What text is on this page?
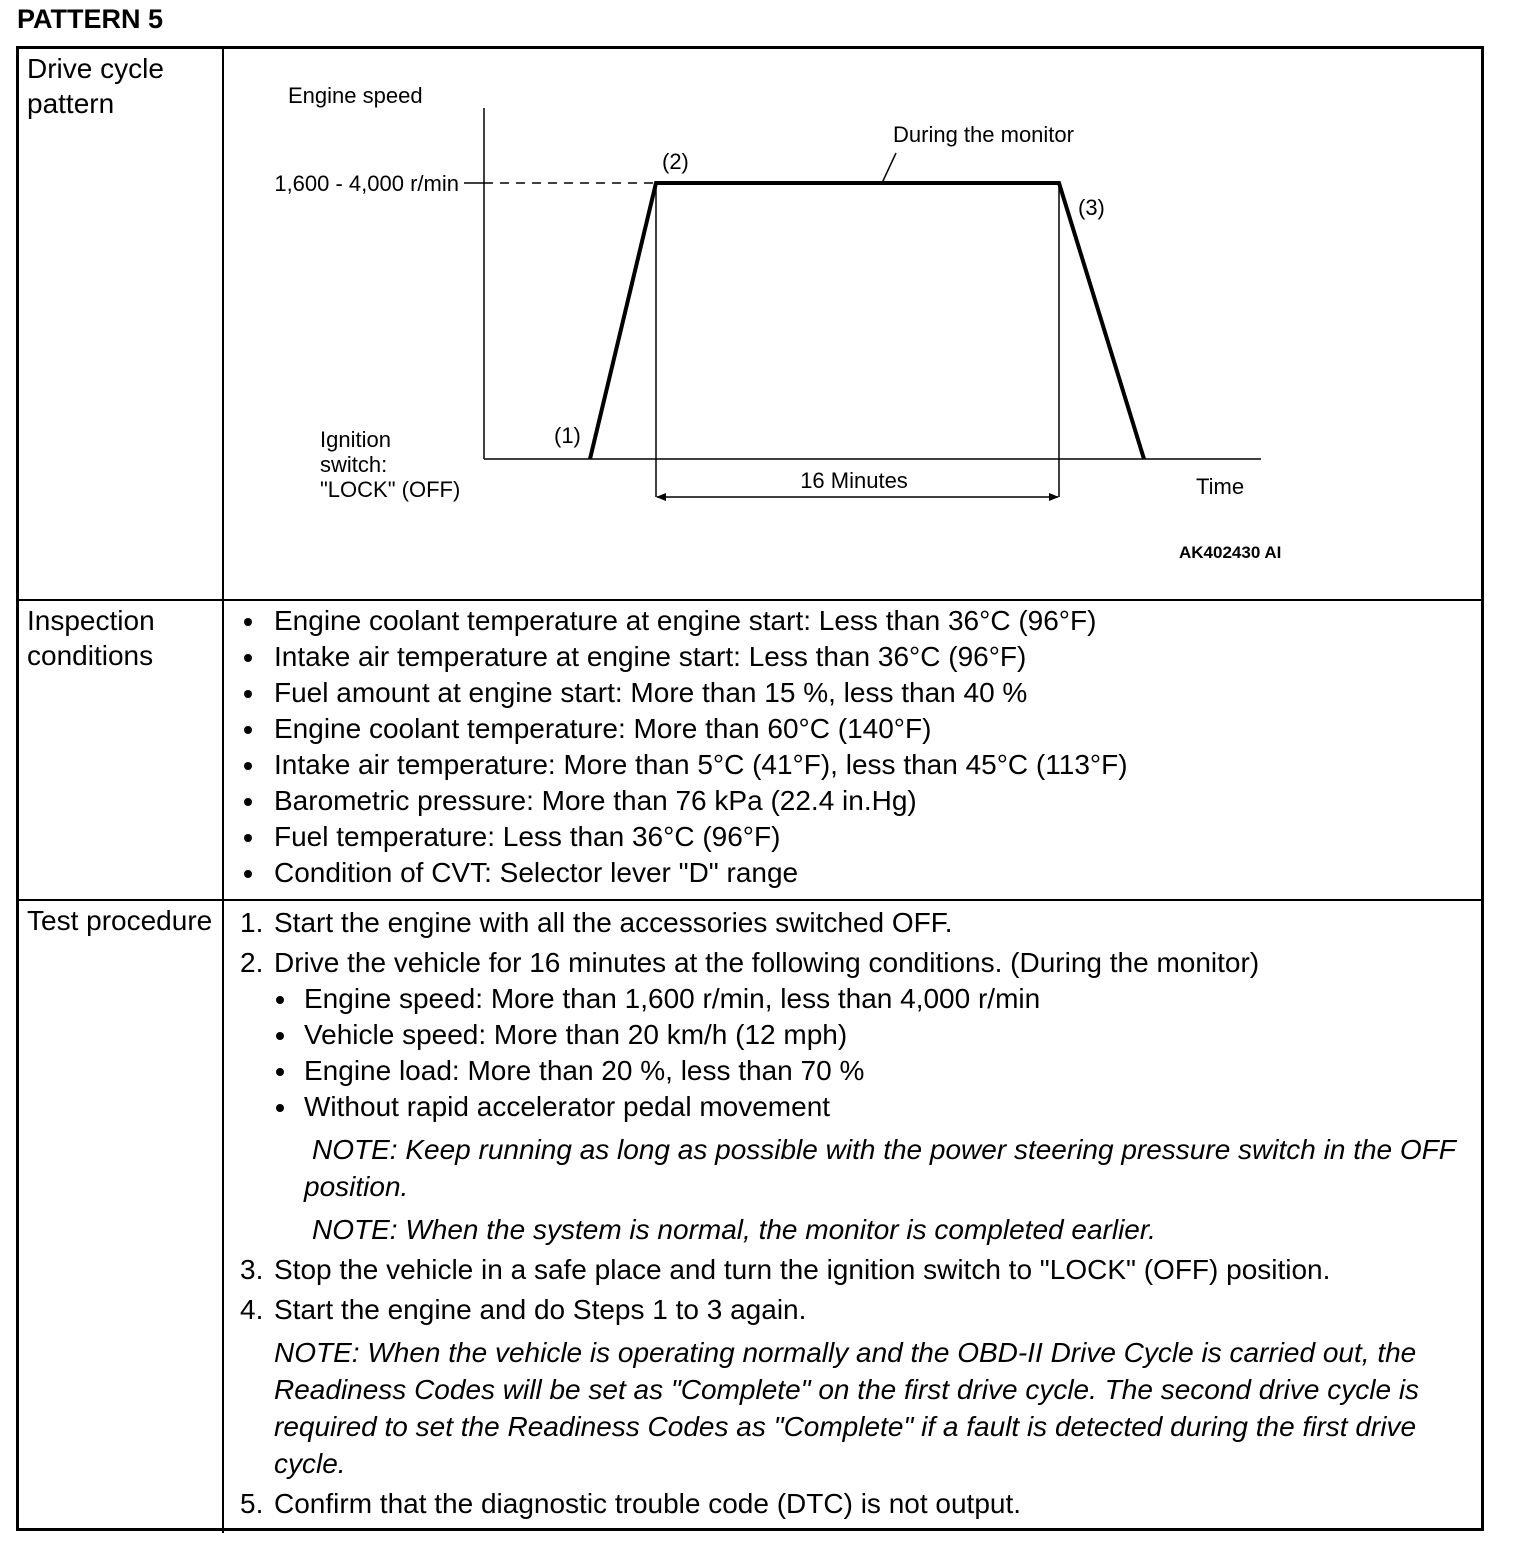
PATTERN 5

Drive cycle pattern	Engine speed
1,600 - 4,000 r/min
Ignition
switch:
"LOCK" (OFF)
(1)
(2)
(3)
During the monitor
16 Minutes	Time
AK402430 AI

Inspection conditions

Engine coolant temperature at engine start: Less than 36°C (96°F)
Intake air temperature at engine start: Less than 36°C (96°F)
Fuel amount at engine start: More than 15 %, less than 40 %
Engine coolant temperature: More than 60°C (140°F)
Intake air temperature: More than 5°C (41°F), less than 45°C (113°F)
Barometric pressure: More than 76 kPa (22.4 in.Hg)
Fuel temperature: Less than 36°C (96°F)
Condition of CVT: Selector lever "D" range

Test procedure 1. Start the engine with all the accessories switched OFF.
2. Drive the vehicle for 16 minutes at the following conditions. (During the monitor)
Engine speed: More than 1,600 r/min, less than 4,000 r/min
Vehicle speed: More than 20 km/h (12 mph)
Engine load: More than 20 %, less than 70 %
Without rapid accelerator pedal movement
NOTE: Keep running as long as possible with the power steering pressure switch in the OFF position.
NOTE: When the system is normal, the monitor is completed earlier.
3. Stop the vehicle in a safe place and turn the ignition switch to "LOCK" (OFF) position.
4. Start the engine and do Steps 1 to 3 again.
NOTE: When the vehicle is operating normally and the OBD-II Drive Cycle is carried out, the Readiness Codes will be set as "Complete" on the first drive cycle. The second drive cycle is required to set the Readiness Codes as "Complete" if a fault is detected during the first drive cycle.
5. Confirm that the diagnostic trouble code (DTC) is not output.
